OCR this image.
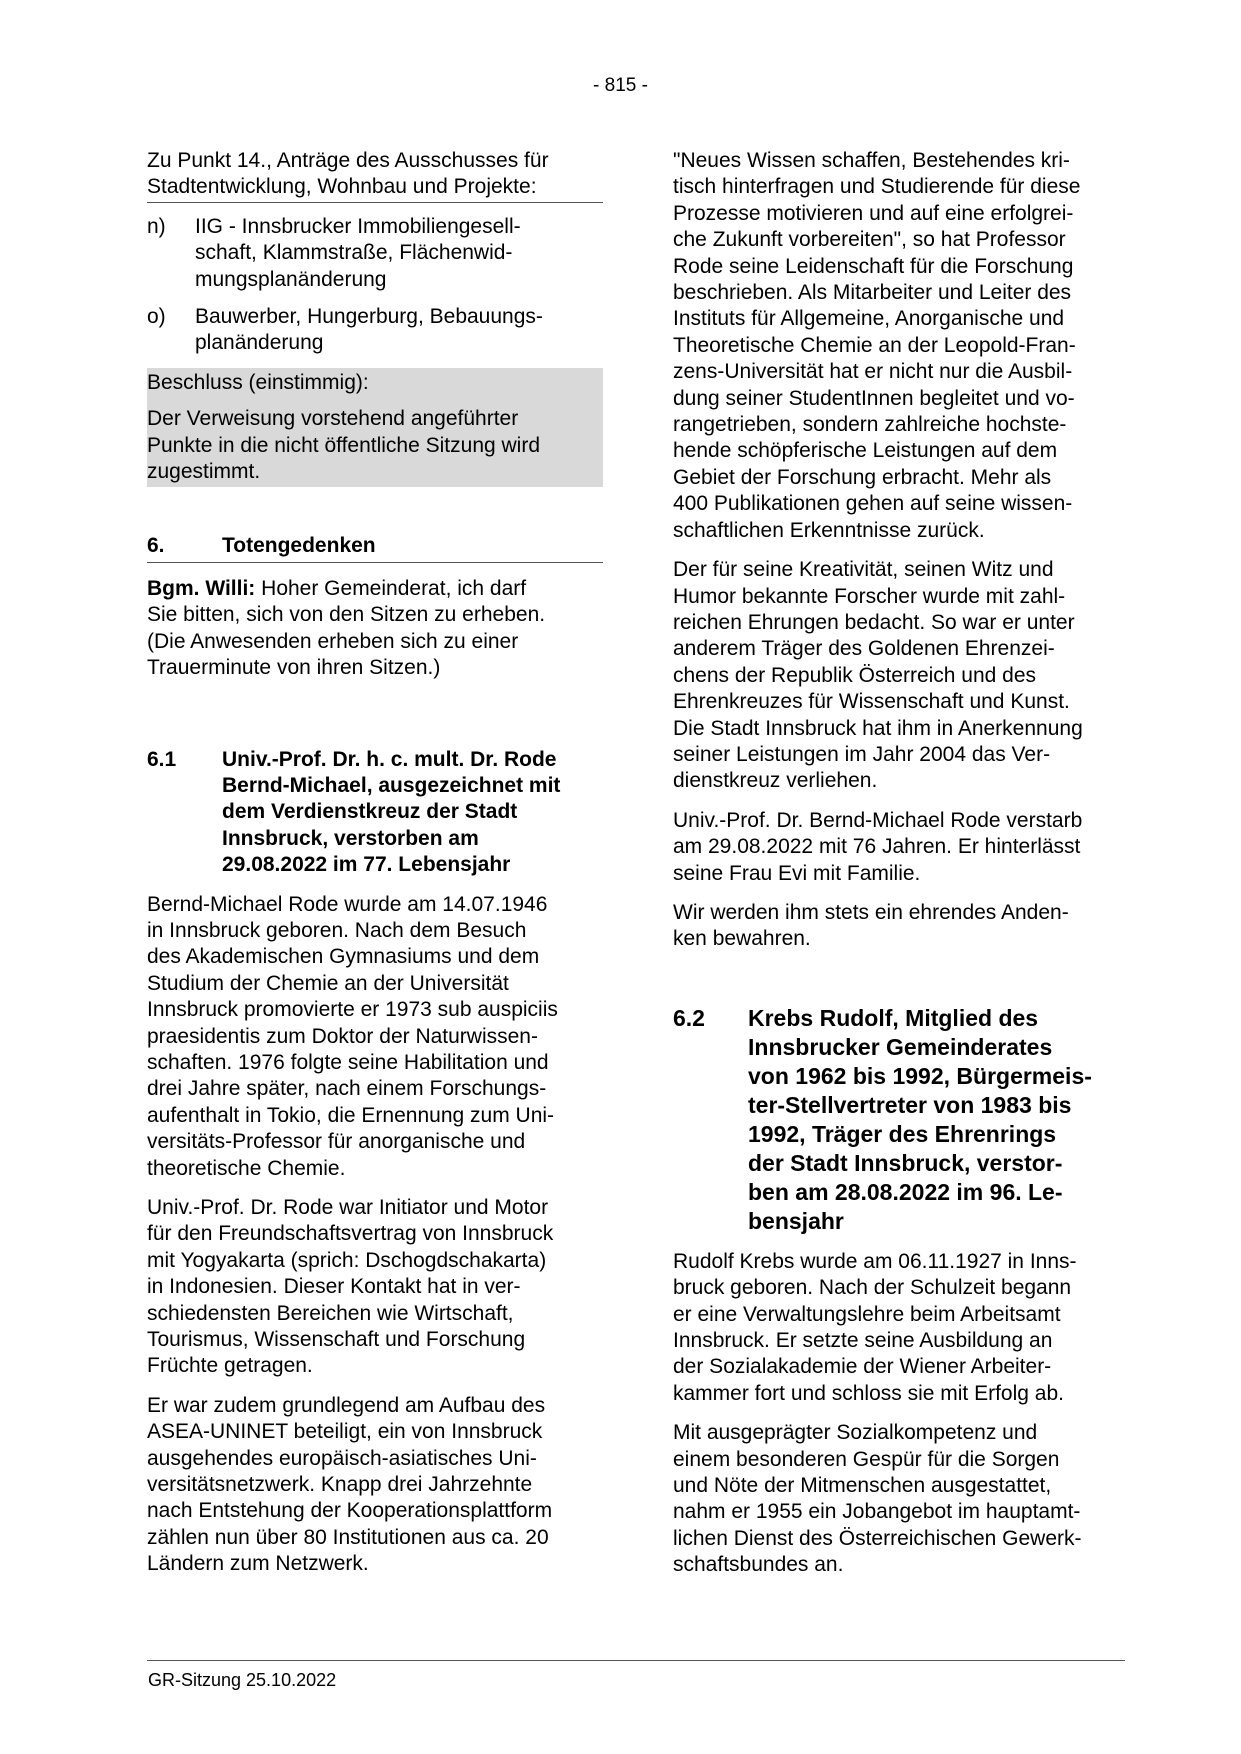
- 815 -
Zu Punkt 14., Anträge des Ausschusses für
Stadtentwicklung, Wohnbau und Projekte:
n)	IIG - Innsbrucker Immobiliengesell-
schaft, Klammstraße, Flächenwid-
mungsplanänderung
o)	Bauwerber, Hungerburg, Bebauungs-
planänderung

Beschluss (einstimmig):

Der Verweisung vorstehend angeführter
Punkte in die nicht öffentliche Sitzung wird
zugestimmt.

6.	Totengedenken

Bgm. Willi: Hoher Gemeinderat, ich darf
Sie bitten, sich von den Sitzen zu erheben.
(Die Anwesenden erheben sich zu einer
Trauerminute von ihren Sitzen.)

6.1	Univ.-Prof. Dr. h. c. mult. Dr. Rode
Bernd-Michael, ausgezeichnet mit
dem Verdienstkreuz der Stadt
Innsbruck, verstorben am
29.08.2022 im 77. Lebensjahr

Bernd-Michael Rode wurde am 14.07.1946
in Innsbruck geboren. Nach dem Besuch
des Akademischen Gymnasiums und dem
Studium der Chemie an der Universität
Innsbruck promovierte er 1973 sub auspiciis
praesidentis zum Doktor der Naturwissen-
schaften. 1976 folgte seine Habilitation und
drei Jahre später, nach einem Forschungs-
aufenthalt in Tokio, die Ernennung zum Uni-
versitäts-Professor für anorganische und
theoretische Chemie.

Univ.-Prof. Dr. Rode war Initiator und Motor
für den Freundschaftsvertrag von Innsbruck
mit Yogyakarta (sprich: Dschogdschakarta)
in Indonesien. Dieser Kontakt hat in ver-
schiedensten Bereichen wie Wirtschaft,
Tourismus, Wissenschaft und Forschung
Früchte getragen.

Er war zudem grundlegend am Aufbau des
ASEA-UNINET beteiligt, ein von Innsbruck
ausgehendes europäisch-asiatisches Uni-
versitätsnetzwerk. Knapp drei Jahrzehnte
nach Entstehung der Kooperationsplattform
zählen nun über 80 Institutionen aus ca. 20
Ländern zum Netzwerk.

"Neues Wissen schaffen, Bestehendes kri-
tisch hinterfragen und Studierende für diese
Prozesse motivieren und auf eine erfolgrei-
che Zukunft vorbereiten", so hat Professor
Rode seine Leidenschaft für die Forschung
beschrieben. Als Mitarbeiter und Leiter des
Instituts für Allgemeine, Anorganische und
Theoretische Chemie an der Leopold-Fran-
zens-Universität hat er nicht nur die Ausbil-
dung seiner StudentInnen begleitet und vo-
rangetrieben, sondern zahlreiche hochste-
hende schöpferische Leistungen auf dem
Gebiet der Forschung erbracht. Mehr als
400 Publikationen gehen auf seine wissen-
schaftlichen Erkenntnisse zurück.

Der für seine Kreativität, seinen Witz und
Humor bekannte Forscher wurde mit zahl-
reichen Ehrungen bedacht. So war er unter
anderem Träger des Goldenen Ehrenzei-
chens der Republik Österreich und des
Ehrenkreuzes für Wissenschaft und Kunst.
Die Stadt Innsbruck hat ihm in Anerkennung
seiner Leistungen im Jahr 2004 das Ver-
dienstkreuz verliehen.

Univ.-Prof. Dr. Bernd-Michael Rode verstarb
am 29.08.2022 mit 76 Jahren. Er hinterlässt
seine Frau Evi mit Familie.

Wir werden ihm stets ein ehrendes Anden-
ken bewahren.

6.2	Krebs Rudolf, Mitglied des
Innsbrucker Gemeinderates
von 1962 bis 1992, Bürgermeis-
ter-Stellvertreter von 1983 bis
1992, Träger des Ehrenrings
der Stadt Innsbruck, verstor-
ben am 28.08.2022 im 96. Le-
bensjahr

Rudolf Krebs wurde am 06.11.1927 in Inns-
bruck geboren. Nach der Schulzeit begann
er eine Verwaltungslehre beim Arbeitsamt
Innsbruck. Er setzte seine Ausbildung an
der Sozialakademie der Wiener Arbeiter-
kammer fort und schloss sie mit Erfolg ab.

Mit ausgeprägter Sozialkompetenz und
einem besonderen Gespür für die Sorgen
und Nöte der Mitmenschen ausgestattet,
nahm er 1955 ein Jobangebot im hauptamt-
lichen Dienst des Österreichischen Gewerk-
schaftsbundes an.

GR-Sitzung 25.10.2022
